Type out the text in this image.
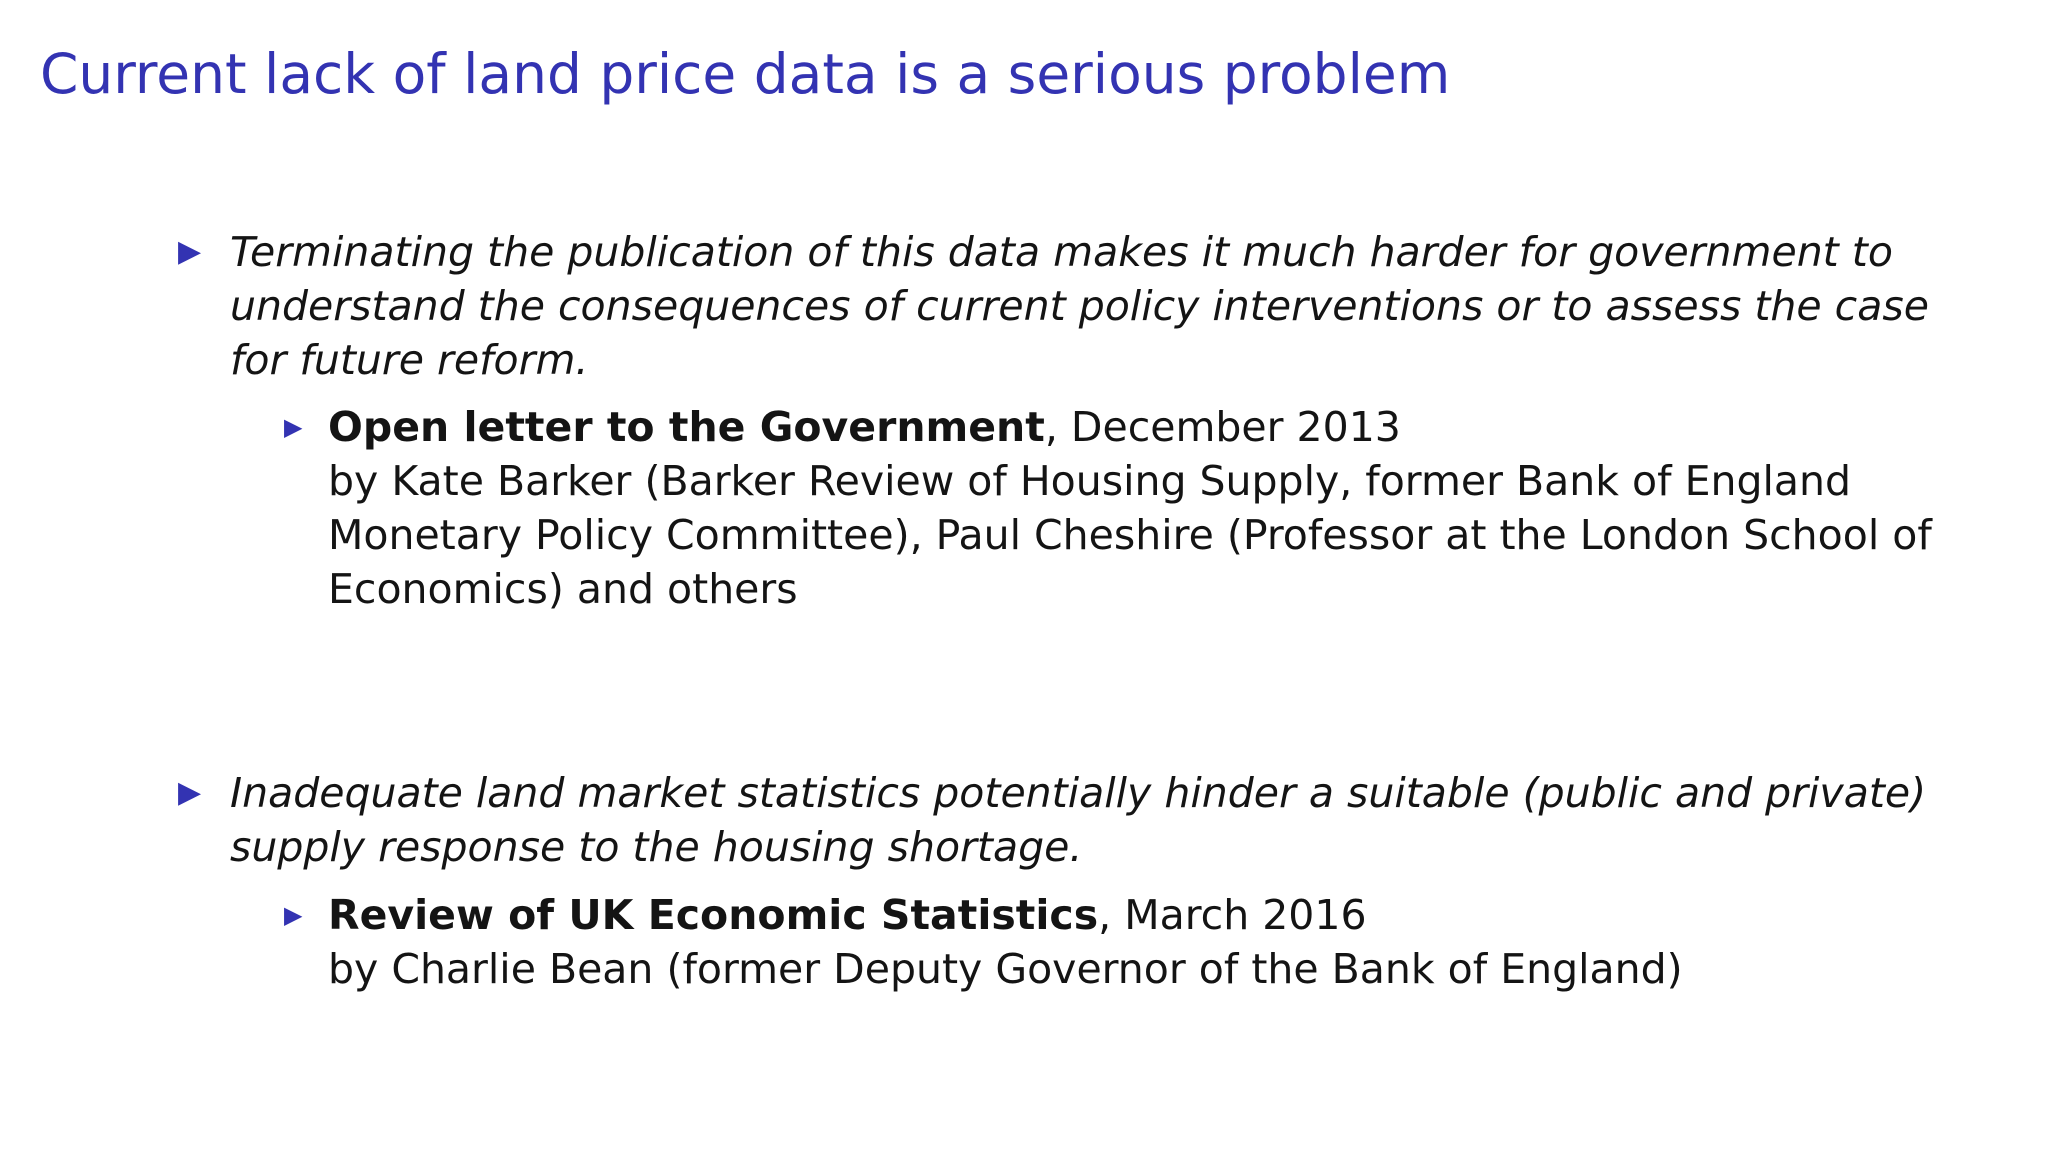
Current lack of land price data is a serious problem
▶ Terminating the publication of this data makes it much harder for government to
understand the consequences of current policy interventions or to assess the case
for future reform.
▶ Open letter to the Government, December 2013
by Kate Barker (Barker Review of Housing Supply, former Bank of England
Monetary Policy Committee), Paul Cheshire (Professor at the London School of
Economics) and others
▶ Inadequate land market statistics potentially hinder a suitable (public and private)
supply response to the housing shortage.
▶ Review of UK Economic Statistics, March 2016
by Charlie Bean (former Deputy Governor of the Bank of England)
